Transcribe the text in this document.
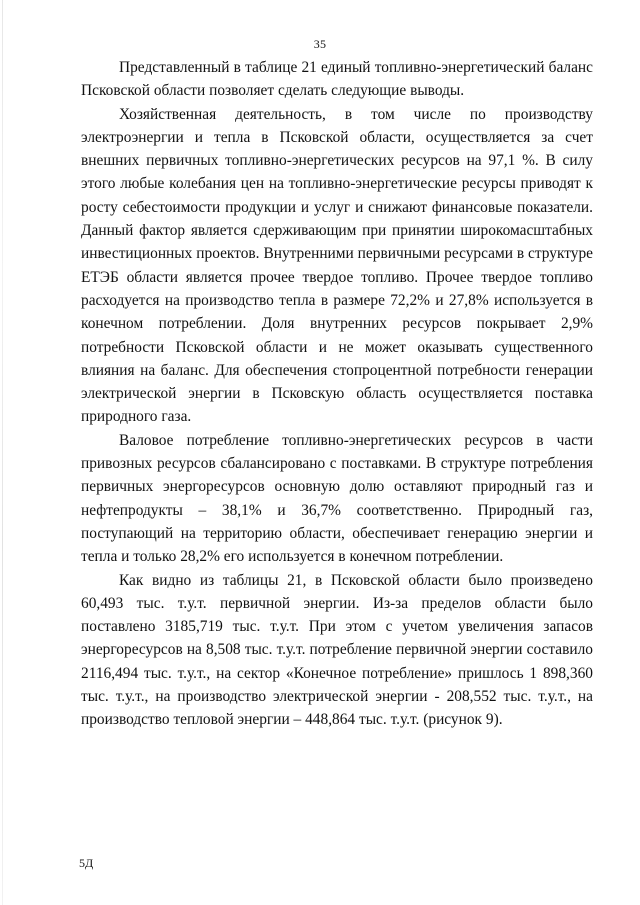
35

Представленный в таблице 21 единый топливно-энергетический баланс Псковской области позволяет сделать следующие выводы.

Хозяйственная деятельность, в том числе по производству электроэнергии и тепла в Псковской области, осуществляется за счет внешних первичных топливно-энергетических ресурсов на 97,1 %. В силу этого любые колебания цен на топливно-энергетические ресурсы приводят к росту себестоимости продукции и услуг и снижают финансовые показатели. Данный фактор является сдерживающим при принятии широкомасштабных инвестиционных проектов. Внутренними первичными ресурсами в структуре ЕТЭБ области является прочее твердое топливо. Прочее твердое топливо расходуется на производство тепла в размере 72,2% и 27,8% используется в конечном потреблении. Доля внутренних ресурсов покрывает 2,9% потребности Псковской области и не может оказывать существенного влияния на баланс. Для обеспечения стопроцентной потребности генерации электрической энергии в Псковскую область осуществляется поставка природного газа.

Валовое потребление топливно-энергетических ресурсов в части привозных ресурсов сбалансировано с поставками. В структуре потребления первичных энергоресурсов основную долю оставляют природный газ и нефтепродукты – 38,1% и 36,7% соответственно. Природный газ, поступающий на территорию области, обеспечивает генерацию энергии и тепла и только 28,2% его используется в конечном потреблении.

Как видно из таблицы 21, в Псковской области было произведено 60,493 тыс. т.у.т. первичной энергии. Из-за пределов области было поставлено 3185,719 тыс. т.у.т. При этом с учетом увеличения запасов энергоресурсов на 8,508 тыс. т.у.т. потребление первичной энергии составило 2116,494 тыс. т.у.т., на сектор «Конечное потребление» пришлось 1 898,360 тыс. т.у.т., на производство электрической энергии - 208,552 тыс. т.у.т., на производство тепловой энергии – 448,864 тыс. т.у.т. (рисунок 9).

5Д
